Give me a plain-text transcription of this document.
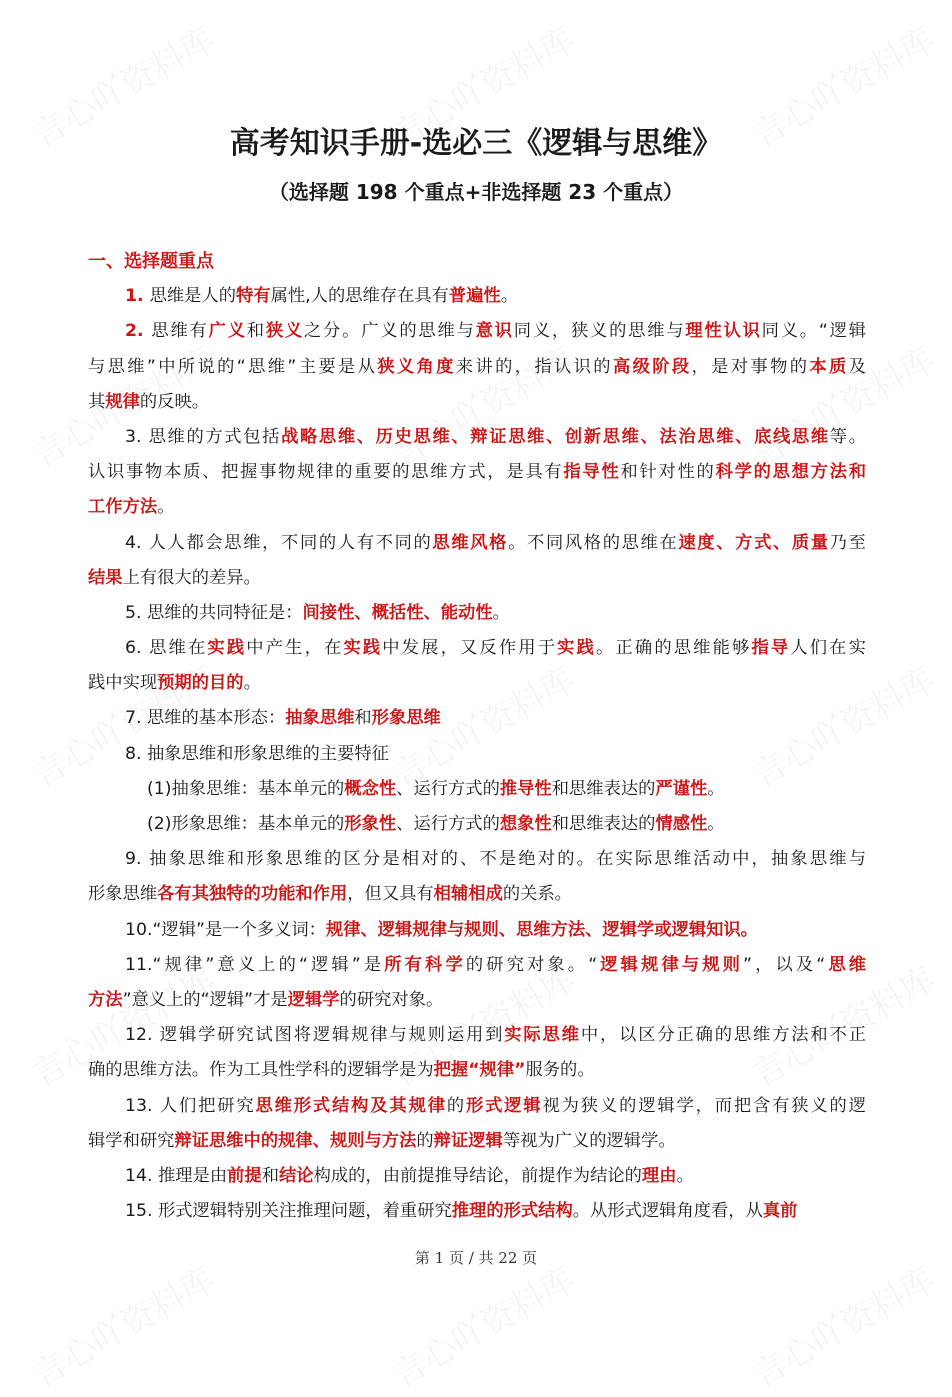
高考知识手册-选必三《逻辑与思维》
（选择题 198 个重点+非选择题 23 个重点）
一、选择题重点
1. 思维是人的特有属性,人的思维存在具有普遍性。
2. 思维有广义和狭义之分。广义的思维与意识同义，狭义的思维与理性认识同义。“逻辑
与思维”中所说的“思维”主要是从狭义角度来讲的，指认识的高级阶段，是对事物的本质及
其规律的反映。
3. 思维的方式包括战略思维、历史思维、辩证思维、创新思维、法治思维、底线思维等。
认识事物本质、把握事物规律的重要的思维方式，是具有指导性和针对性的科学的思想方法和
工作方法。
4. 人人都会思维，不同的人有不同的思维风格。不同风格的思维在速度、方式、质量乃至
结果上有很大的差异。
5. 思维的共同特征是：间接性、概括性、能动性。
6. 思维在实践中产生，在实践中发展，又反作用于实践。正确的思维能够指导人们在实
践中实现预期的目的。
7. 思维的基本形态：抽象思维和形象思维
8. 抽象思维和形象思维的主要特征
(1)抽象思维：基本单元的概念性、运行方式的推导性和思维表达的严谨性。
(2)形象思维：基本单元的形象性、运行方式的想象性和思维表达的情感性。
9. 抽象思维和形象思维的区分是相对的、不是绝对的。在实际思维活动中，抽象思维与
形象思维各有其独特的功能和作用，但又具有相辅相成的关系。
10.“逻辑”是一个多义词：规律、逻辑规律与规则、思维方法、逻辑学或逻辑知识。
11.“规律”意义上的“逻辑”是所有科学的研究对象。“逻辑规律与规则”，以及“思维
方法”意义上的“逻辑”才是逻辑学的研究对象。
12. 逻辑学研究试图将逻辑规律与规则运用到实际思维中，以区分正确的思维方法和不正
确的思维方法。作为工具性学科的逻辑学是为把握“规律”服务的。
13. 人们把研究思维形式结构及其规律的形式逻辑视为狭义的逻辑学，而把含有狭义的逻
辑学和研究辩证思维中的规律、规则与方法的辩证逻辑等视为广义的逻辑学。
14. 推理是由前提和结论构成的，由前提推导结论，前提作为结论的理由。
15. 形式逻辑特别关注推理问题，着重研究推理的形式结构。从形式逻辑角度看，从真前
第 1 页 / 共 22 页
